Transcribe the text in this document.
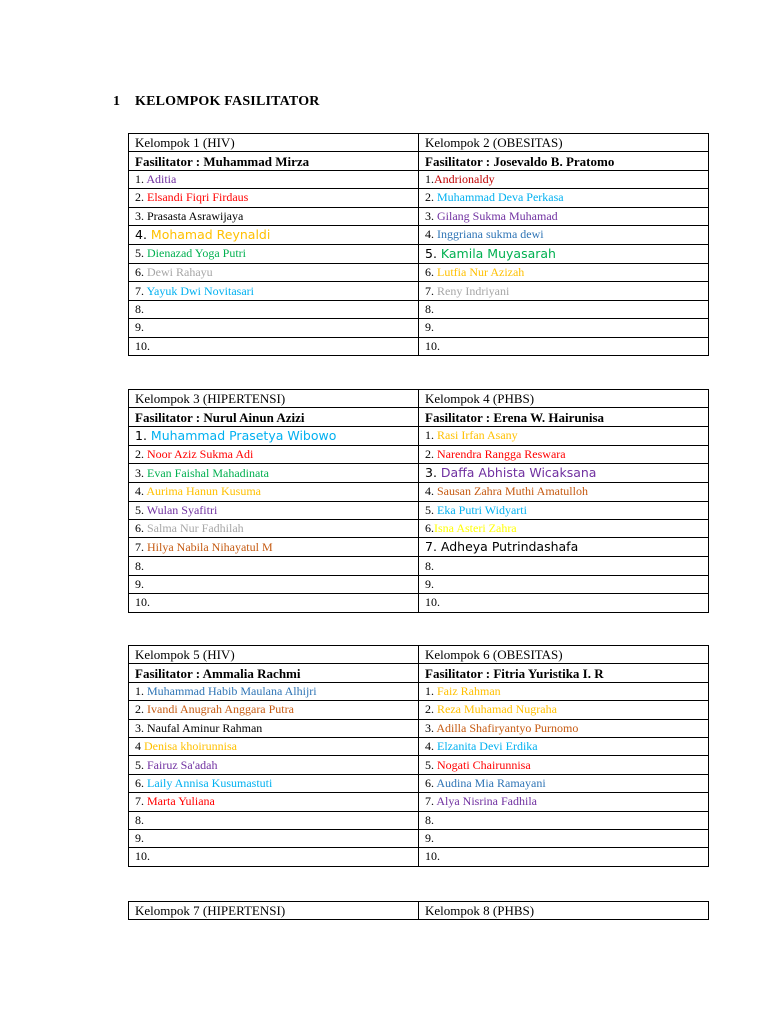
1 KELOMPOK FASILITATOR
Kelompok 1 (HIV)	Kelompok 2 (OBESITAS)
Fasilitator : Muhammad Mirza	Fasilitator : Josevaldo B. Pratomo
1. Aditia	1.Andrionaldy
2. Elsandi Fiqri Firdaus	2. Muhammad Deva Perkasa
3. Prasasta Asrawijaya	3. Gilang Sukma Muhamad
4. Mohamad Reynaldi	4. Inggriana sukma dewi
5. Dienazad Yoga Putri	5. Kamila Muyasarah
6. Dewi Rahayu	6. Lutfia Nur Azizah
7. Yayuk Dwi Novitasari	7. Reny Indriyani
8.	8.
9.	9.
10.	10.
Kelompok 3 (HIPERTENSI)	Kelompok 4 (PHBS)
Fasilitator : Nurul Ainun Azizi	Fasilitator : Erena W. Hairunisa
1. Muhammad Prasetya Wibowo	1. Rasi Irfan Asany
2. Noor Aziz Sukma Adi	2. Narendra Rangga Reswara
3. Evan Faishal Mahadinata	3. Daffa Abhista Wicaksana
4. Aurima Hanun Kusuma	4. Sausan Zahra Muthi Amatulloh
5. Wulan Syafitri	5. Eka Putri Widyarti
6. Salma Nur Fadhilah	6.Isna Asteri Zahra
7. Hilya Nabila Nihayatul M	7. Adheya Putrindashafa
8.	8.
9.	9.
10.	10.
Kelompok 5 (HIV)	Kelompok 6 (OBESITAS)
Fasilitator : Ammalia Rachmi	Fasilitator : Fitria Yuristika I. R
1. Muhammad Habib Maulana Alhijri	1. Faiz Rahman
2. Ivandi Anugrah Anggara Putra	2. Reza Muhamad Nugraha
3. Naufal Aminur Rahman	3. Adilla Shafiryantyo Purnomo
4 Denisa khoirunnisa	4. Elzanita Devi Erdika
5. Fairuz Sa'adah	5. Nogati Chairunnisa
6. Laily Annisa Kusumastuti	6. Audina Mia Ramayani
7. Marta Yuliana	7. Alya Nisrina Fadhila
8.	8.
9.	9.
10.	10.
Kelompok 7 (HIPERTENSI)	Kelompok 8 (PHBS)
